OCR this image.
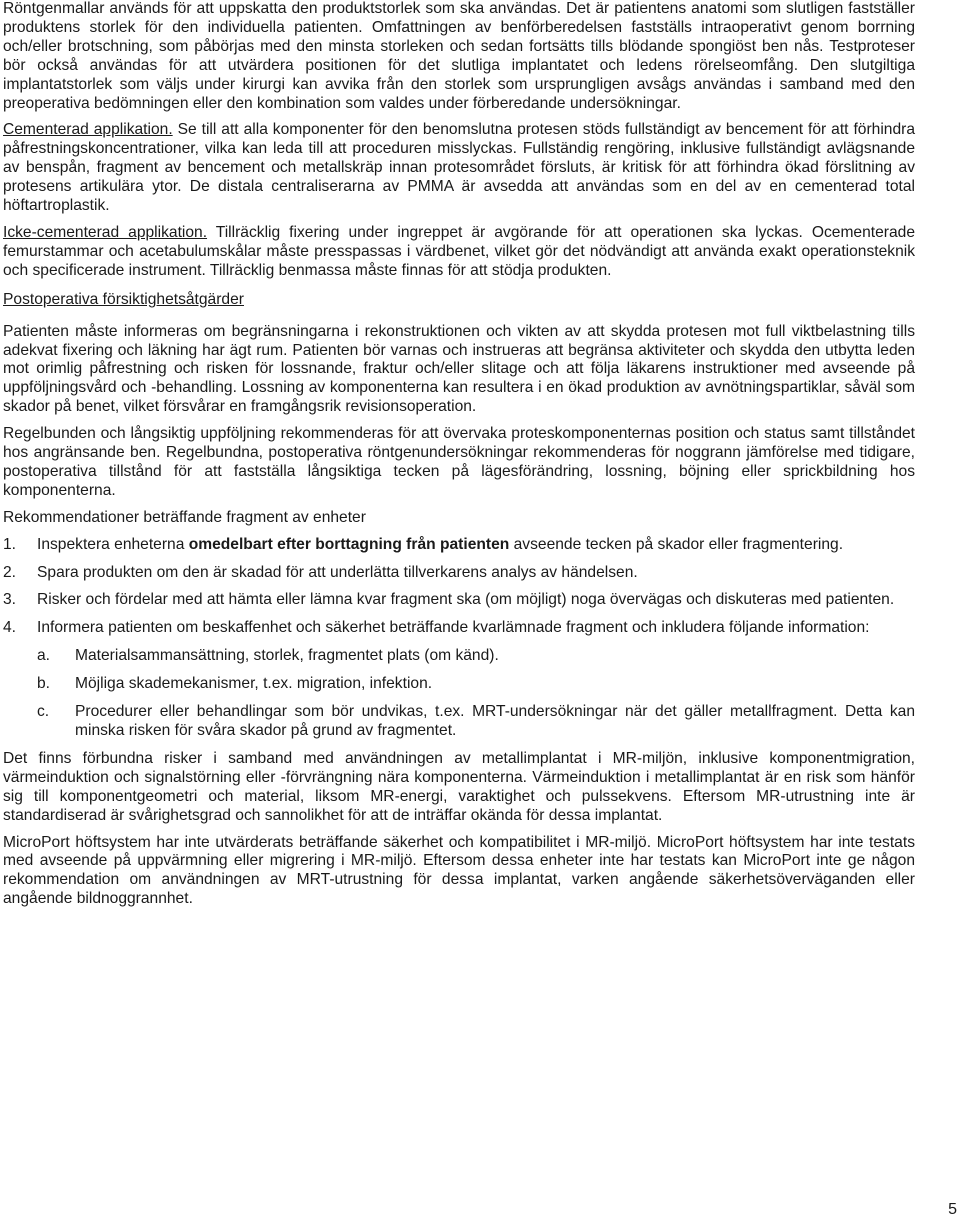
Röntgenmallar används för att uppskatta den produktstorlek som ska användas. Det är patientens anatomi som slutligen fastställer produktens storlek för den individuella patienten. Omfattningen av benförberedelsen fastställs intraoperativt genom borrning och/eller brotschning, som påbörjas med den minsta storleken och sedan fortsätts tills blödande spongiöst ben nås. Testproteser bör också användas för att utvärdera positionen för det slutliga implantatet och ledens rörelseomfång. Den slutgiltiga implantatstorlek som väljs under kirurgi kan avvika från den storlek som ursprungligen avsågs användas i samband med den preoperativa bedömningen eller den kombination som valdes under förberedande undersökningar.

Cementerad applikation. Se till att alla komponenter för den benomslutna protesen stöds fullständigt av bencement för att förhindra påfrestningskoncentrationer, vilka kan leda till att proceduren misslyckas. Fullständig rengöring, inklusive fullständigt avlägsnande av benspån, fragment av bencement och metallskräp innan protesområdet försluts, är kritisk för att förhindra ökad förslitning av protesens artikulära ytor. De distala centraliserarna av PMMA är avsedda att användas som en del av en cementerad total höftartroplastik.

Icke-cementerad applikation. Tillräcklig fixering under ingreppet är avgörande för att operationen ska lyckas. Ocementerade femurstammar och acetabulumskålar måste presspassas i värdbenet, vilket gör det nödvändigt att använda exakt operationsteknik och specificerade instrument. Tillräcklig benmassa måste finnas för att stödja produkten.

Postoperativa försiktighetsåtgärder

Patienten måste informeras om begränsningarna i rekonstruktionen och vikten av att skydda protesen mot full viktbelastning tills adekvat fixering och läkning har ägt rum. Patienten bör varnas och instrueras att begränsa aktiviteter och skydda den utbytta leden mot orimlig påfrestning och risken för lossnande, fraktur och/eller slitage och att följa läkarens instruktioner med avseende på uppföljningsvård och -behandling. Lossning av komponenterna kan resultera i en ökad produktion av avnötningspartiklar, såväl som skador på benet, vilket försvårar en framgångsrik revisionsoperation.

Regelbunden och långsiktig uppföljning rekommenderas för att övervaka proteskomponenternas position och status samt tillståndet hos angränsande ben. Regelbundna, postoperativa röntgenundersökningar rekommenderas för noggrann jämförelse med tidigare, postoperativa tillstånd för att fastställa långsiktiga tecken på lägesförändring, lossning, böjning eller sprickbildning hos komponenterna.

Rekommendationer beträffande fragment av enheter

1.	Inspektera enheterna omedelbart efter borttagning från patienten avseende tecken på skador eller fragmentering.
2.	Spara produkten om den är skadad för att underlätta tillverkarens analys av händelsen.
3.	Risker och fördelar med att hämta eller lämna kvar fragment ska (om möjligt) noga övervägas och diskuteras med patienten.
4.	Informera patienten om beskaffenhet och säkerhet beträffande kvarlämnade fragment och inkludera följande information:
a.	Materialsammansättning, storlek, fragmentet plats (om känd).
b.	Möjliga skademekanismer, t.ex. migration, infektion.
c.	Procedurer eller behandlingar som bör undvikas, t.ex. MRT-undersökningar när det gäller metallfragment. Detta kan minska risken för svåra skador på grund av fragmentet.

Det finns förbundna risker i samband med användningen av metallimplantat i MR-miljön, inklusive komponentmigration, värmeinduktion och signalstörning eller -förvrängning nära komponenterna. Värmeinduktion i metallimplantat är en risk som hänför sig till komponentgeometri och material, liksom MR-energi, varaktighet och pulssekvens. Eftersom MR-utrustning inte är standardiserad är svårighetsgrad och sannolikhet för att de inträffar okända för dessa implantat.

MicroPort höftsystem har inte utvärderats beträffande säkerhet och kompatibilitet i MR-miljö. MicroPort höftsystem har inte testats med avseende på uppvärmning eller migrering i MR-miljö. Eftersom dessa enheter inte har testats kan MicroPort inte ge någon rekommendation om användningen av MRT-utrustning för dessa implantat, varken angående säkerhetsöverväganden eller angående bildnoggrannhet.

5
